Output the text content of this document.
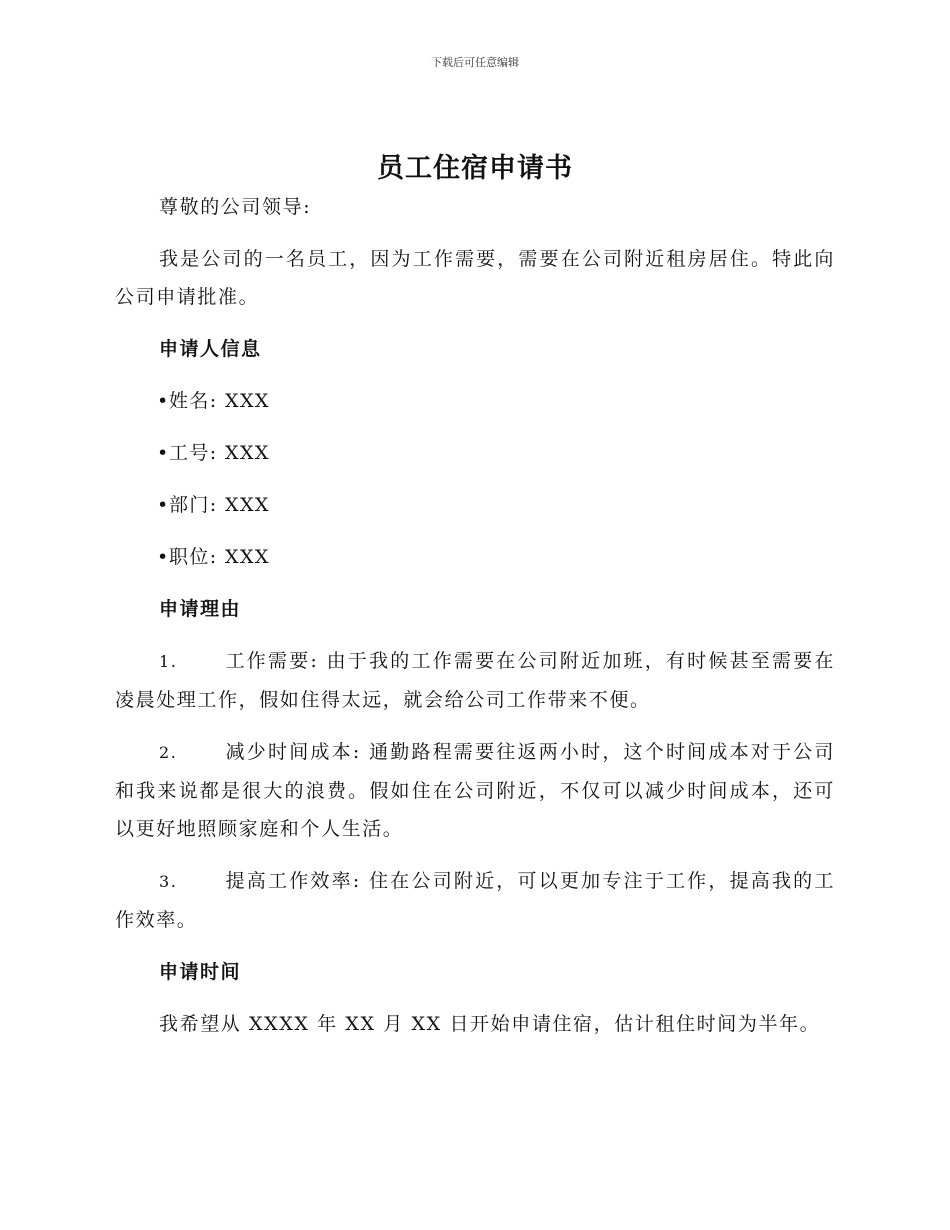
下载后可任意编辑
员工住宿申请书
尊敬的公司领导:
我是公司的一名员工，因为工作需要，需要在公司附近租房居住。特此向公司申请批准。
申请人信息
•姓名: XXX
•工号: XXX
•部门: XXX
•职位: XXX
申请理由
1.	工作需要: 由于我的工作需要在公司附近加班，有时候甚至需要在凌晨处理工作，假如住得太远，就会给公司工作带来不便。
2.	减少时间成本: 通勤路程需要往返两小时，这个时间成本对于公司和我来说都是很大的浪费。假如住在公司附近，不仅可以减少时间成本，还可以更好地照顾家庭和个人生活。
3.	提高工作效率: 住在公司附近，可以更加专注于工作，提高我的工作效率。
申请时间
我希望从 XXXX 年 XX 月 XX 日开始申请住宿，估计租住时间为半年。
